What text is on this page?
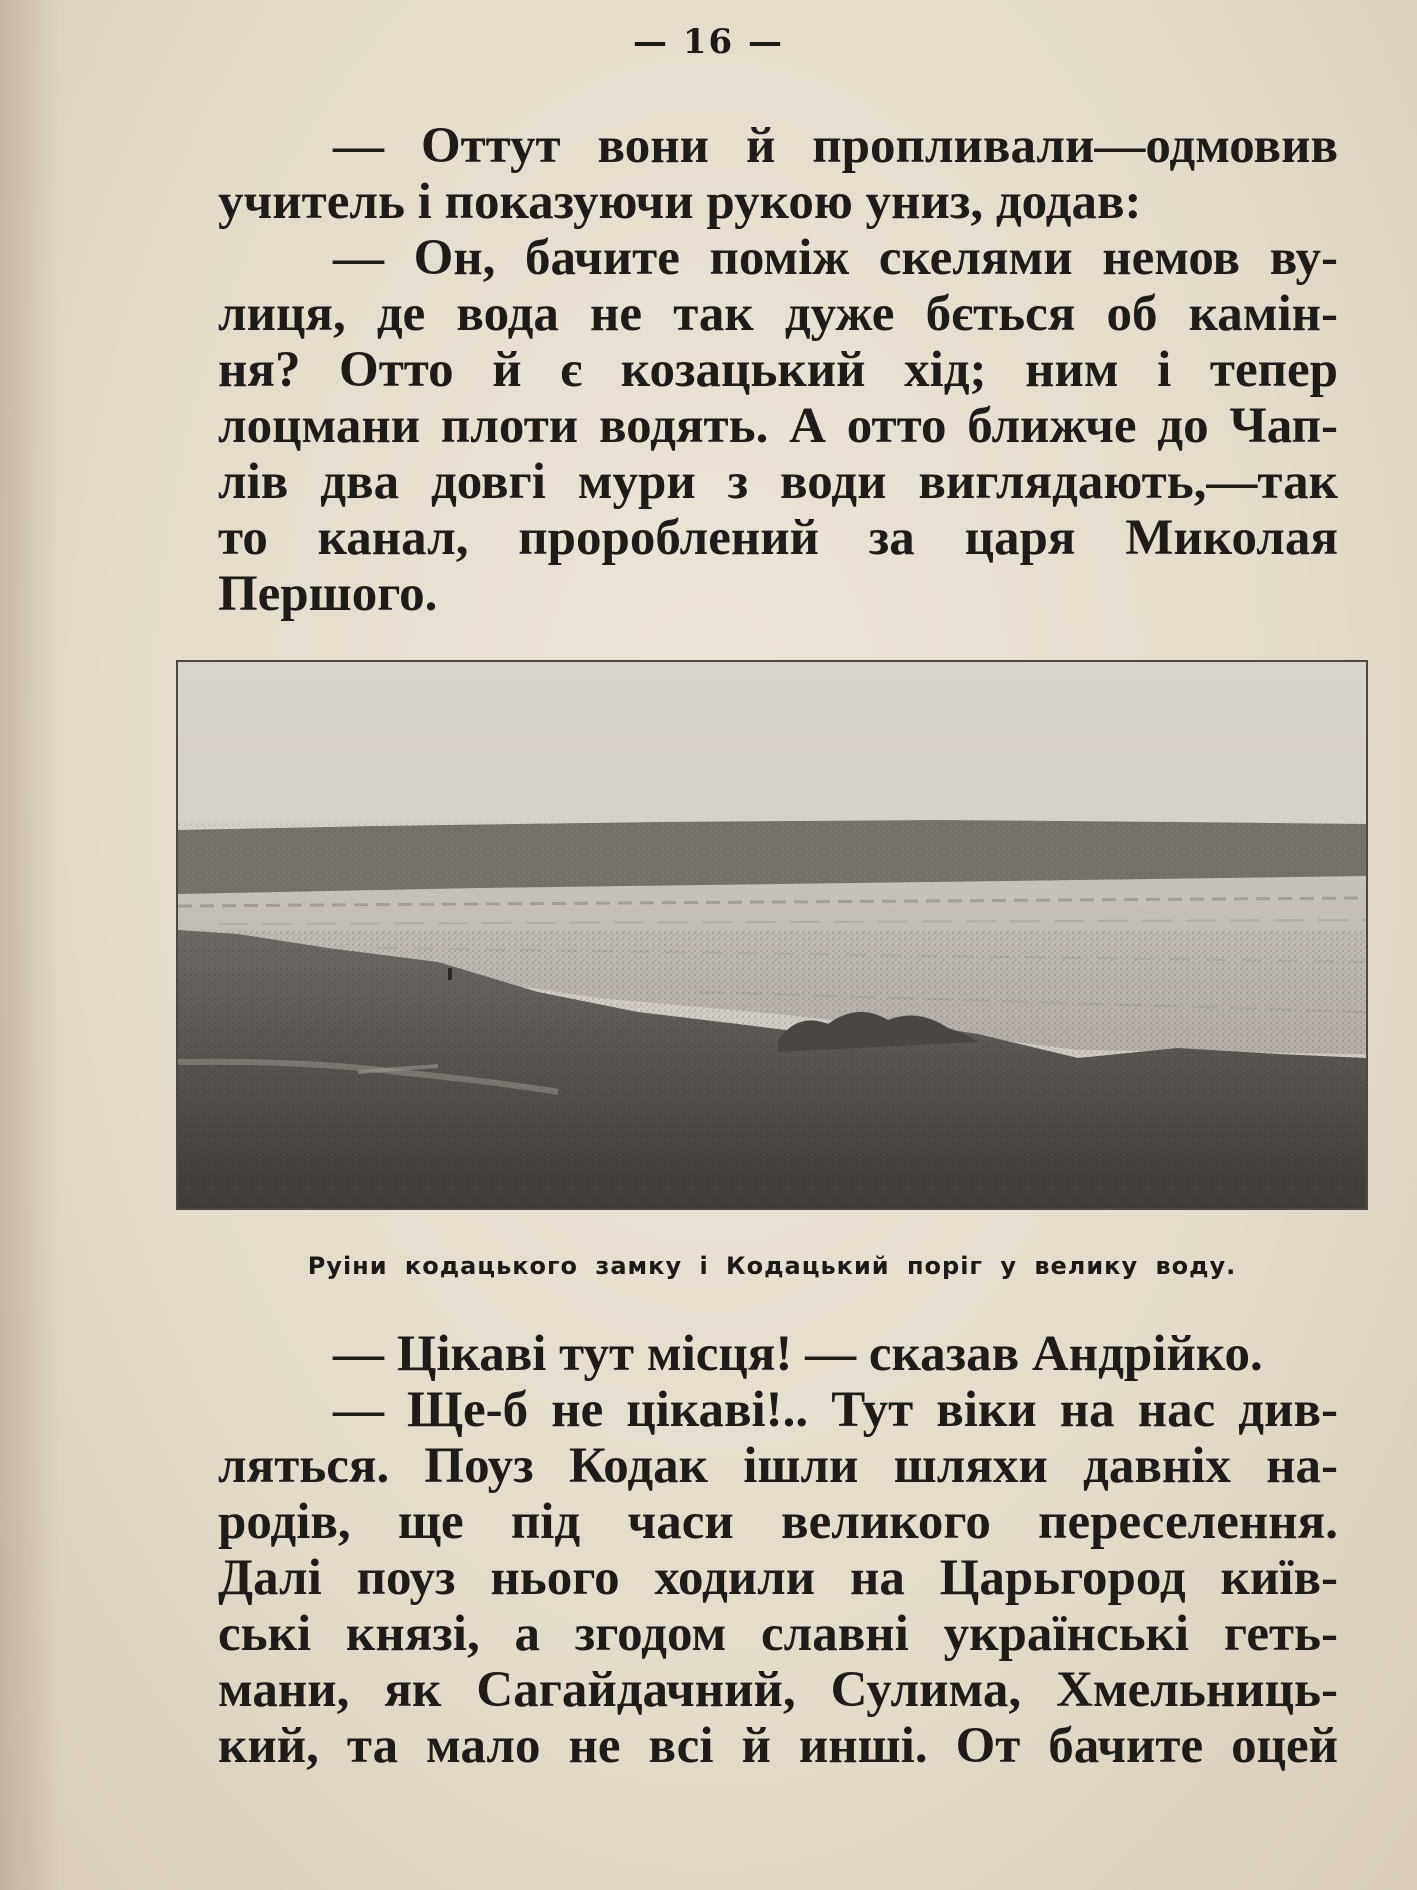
— 16 —
— Оттут вони й пропливали—одмовив
учитель і показуючи рукою униз, додав:
— Он, бачите поміж скелями немов ву-
лиця, де вода не так дуже бється об камін-
ня? Отто й є козацький хід; ним і тепер
лоцмани плоти водять. А отто ближче до Чап-
лів два довгі мури з води виглядають,—так
то канал, пророблений за царя Миколая
Першого.
Руіни кодацького замку і Кодацький поріг у велику воду.
— Цікаві тут місця! — сказав Андрійко.
— Ще-б не цікаві!.. Тут віки на нас див-
ляться. Поуз Кодак ішли шляхи давніх на-
родів, ще під часи великого переселення.
Далі поуз нього ходили на Царьгород київ-
ські князі, а згодом славні українські геть-
мани, як Сагайдачний, Сулима, Хмельниць-
кий, та мало не всі й инші. От бачите оцей
